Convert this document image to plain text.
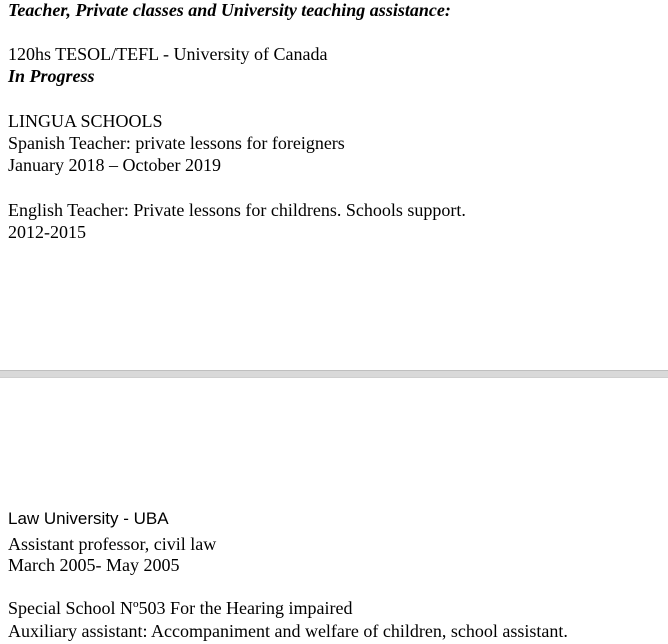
Teacher, Private classes and University teaching assistance:
120hs TESOL/TEFL - University of Canada
In Progress
LINGUA SCHOOLS
Spanish Teacher: private lessons for foreigners
January 2018 – October 2019
English Teacher: Private lessons for childrens. Schools support.
2012-2015
Law University - UBA
Assistant professor, civil law
March 2005- May 2005
Special School Nº503 For the Hearing impaired
Auxiliary assistant: Accompaniment and welfare of children, school assistant.
